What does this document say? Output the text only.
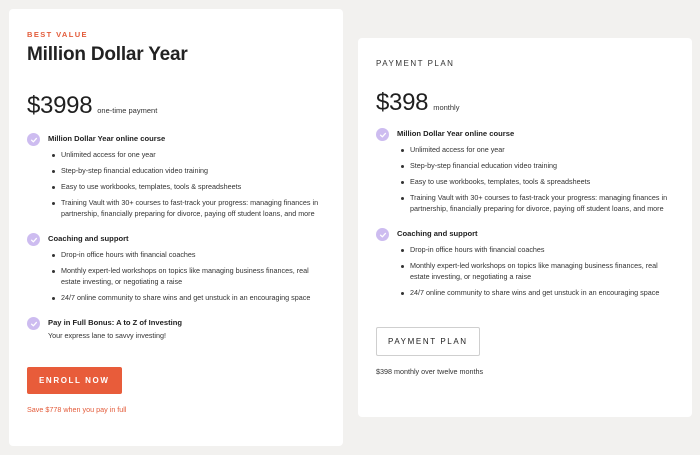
BEST VALUE
Million Dollar Year
$3998 one-time payment
Million Dollar Year online course
Unlimited access for one year
Step-by-step financial education video training
Easy to use workbooks, templates, tools & spreadsheets
Training Vault with 30+ courses to fast-track your progress: managing finances in partnership, financially preparing for divorce, paying off student loans, and more
Coaching and support
Drop-in office hours with financial coaches
Monthly expert-led workshops on topics like managing business finances, real estate investing, or negotiating a raise
24/7 online community to share wins and get unstuck in an encouraging space
Pay in Full Bonus: A to Z of Investing
Your express lane to savvy investing!
ENROLL NOW
Save $778 when you pay in full
PAYMENT PLAN
$398 monthly
Million Dollar Year online course
Unlimited access for one year
Step-by-step financial education video training
Easy to use workbooks, templates, tools & spreadsheets
Training Vault with 30+ courses to fast-track your progress: managing finances in partnership, financially preparing for divorce, paying off student loans, and more
Coaching and support
Drop-in office hours with financial coaches
Monthly expert-led workshops on topics like managing business finances, real estate investing, or negotiating a raise
24/7 online community to share wins and get unstuck in an encouraging space
PAYMENT PLAN
$398 monthly over twelve months
